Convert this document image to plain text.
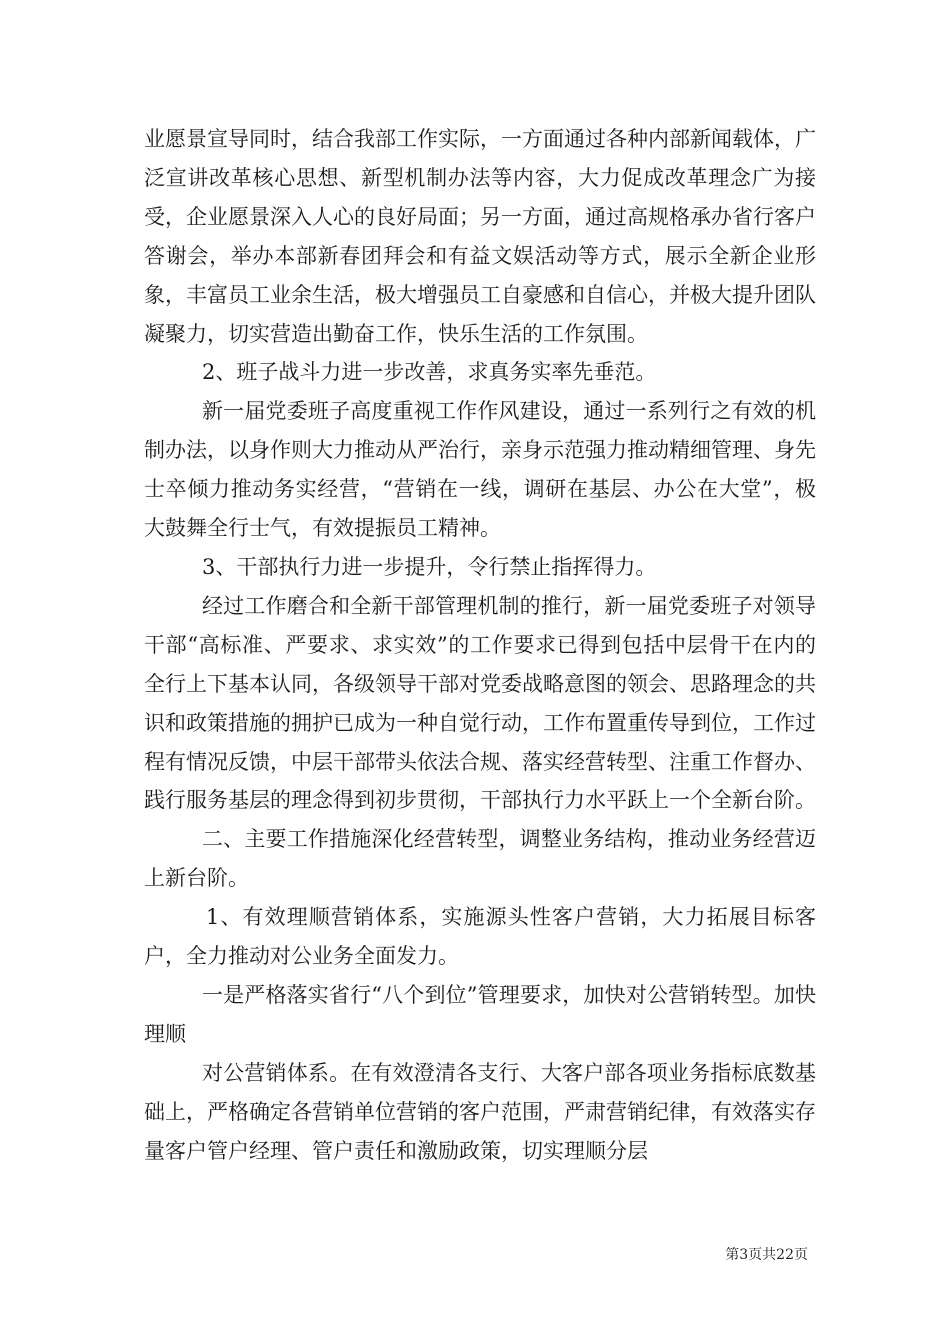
业愿景宣导同时，结合我部工作实际，一方面通过各种内部新闻载体，广泛宣讲改革核心思想、新型机制办法等内容，大力促成改革理念广为接受，企业愿景深入人心的良好局面；另一方面，通过高规格承办省行客户答谢会，举办本部新春团拜会和有益文娱活动等方式，展示全新企业形象，丰富员工业余生活，极大增强员工自豪感和自信心，并极大提升团队凝聚力，切实营造出勤奋工作，快乐生活的工作氛围。

2、班子战斗力进一步改善，求真务实率先垂范。

新一届党委班子高度重视工作作风建设，通过一系列行之有效的机制办法，以身作则大力推动从严治行，亲身示范强力推动精细管理、身先士卒倾力推动务实经营，“营销在一线，调研在基层、办公在大堂”，极大鼓舞全行士气，有效提振员工精神。

3、干部执行力进一步提升，令行禁止指挥得力。

经过工作磨合和全新干部管理机制的推行，新一届党委班子对领导干部“高标准、严要求、求实效”的工作要求已得到包括中层骨干在内的全行上下基本认同，各级领导干部对党委战略意图的领会、思路理念的共识和政策措施的拥护已成为一种自觉行动，工作布置重传导到位，工作过程有情况反馈，中层干部带头依法合规、落实经营转型、注重工作督办、践行服务基层的理念得到初步贯彻，干部执行力水平跃上一个全新台阶。

二、主要工作措施深化经营转型，调整业务结构，推动业务经营迈上新台阶。

1、有效理顺营销体系，实施源头性客户营销，大力拓展目标客户，全力推动对公业务全面发力。

一是严格落实省行“八个到位”管理要求，加快对公营销转型。加快理顺

对公营销体系。在有效澄清各支行、大客户部各项业务指标底数基础上，严格确定各营销单位营销的客户范围，严肃营销纪律，有效落实存量客户管户经理、管户责任和激励政策，切实理顺分层

第3页共22页
